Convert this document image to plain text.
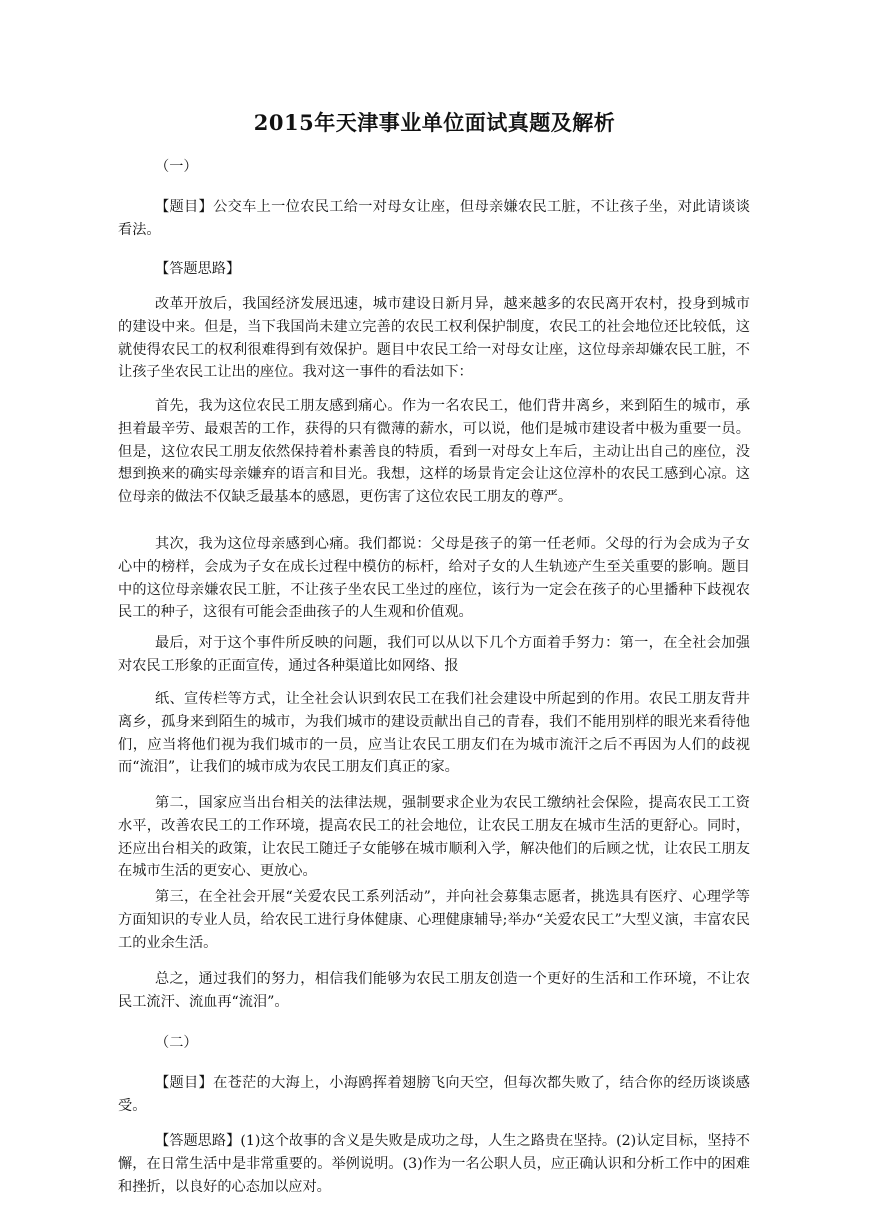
2015年天津事业单位面试真题及解析

（一）

【题目】公交车上一位农民工给一对母女让座，但母亲嫌农民工脏，不让孩子坐，对此请谈谈看法。

【答题思路】

改革开放后，我国经济发展迅速，城市建设日新月异，越来越多的农民离开农村，投身到城市的建设中来。但是，当下我国尚未建立完善的农民工权利保护制度，农民工的社会地位还比较低，这就使得农民工的权利很难得到有效保护。题目中农民工给一对母女让座，这位母亲却嫌农民工脏，不让孩子坐农民工让出的座位。我对这一事件的看法如下：

首先，我为这位农民工朋友感到痛心。作为一名农民工，他们背井离乡，来到陌生的城市，承担着最辛劳、最艰苦的工作，获得的只有微薄的薪水，可以说，他们是城市建设者中极为重要一员。但是，这位农民工朋友依然保持着朴素善良的特质，看到一对母女上车后，主动让出自己的座位，没想到换来的确实母亲嫌弃的语言和目光。我想，这样的场景肯定会让这位淳朴的农民工感到心凉。这位母亲的做法不仅缺乏最基本的感恩，更伤害了这位农民工朋友的尊严。

其次，我为这位母亲感到心痛。我们都说：父母是孩子的第一任老师。父母的行为会成为子女心中的榜样，会成为子女在成长过程中模仿的标杆，给对子女的人生轨迹产生至关重要的影响。题目中的这位母亲嫌农民工脏，不让孩子坐农民工坐过的座位，该行为一定会在孩子的心里播种下歧视农民工的种子，这很有可能会歪曲孩子的人生观和价值观。

最后，对于这个事件所反映的问题，我们可以从以下几个方面着手努力：第一，在全社会加强对农民工形象的正面宣传，通过各种渠道比如网络、报

纸、宣传栏等方式，让全社会认识到农民工在我们社会建设中所起到的作用。农民工朋友背井离乡，孤身来到陌生的城市，为我们城市的建设贡献出自己的青春，我们不能用别样的眼光来看待他们，应当将他们视为我们城市的一员，应当让农民工朋友们在为城市流汗之后不再因为人们的歧视而“流泪”，让我们的城市成为农民工朋友们真正的家。

第二，国家应当出台相关的法律法规，强制要求企业为农民工缴纳社会保险，提高农民工工资水平，改善农民工的工作环境，提高农民工的社会地位，让农民工朋友在城市生活的更舒心。同时，还应出台相关的政策，让农民工随迁子女能够在城市顺利入学，解决他们的后顾之忧，让农民工朋友在城市生活的更安心、更放心。

第三，在全社会开展“关爱农民工系列活动”，并向社会募集志愿者，挑选具有医疗、心理学等方面知识的专业人员，给农民工进行身体健康、心理健康辅导;举办“关爱农民工”大型义演，丰富农民工的业余生活。

总之，通过我们的努力，相信我们能够为农民工朋友创造一个更好的生活和工作环境，不让农民工流汗、流血再“流泪”。

（二）

【题目】在苍茫的大海上，小海鸥挥着翅膀飞向天空，但每次都失败了，结合你的经历谈谈感受。

【答题思路】(1)这个故事的含义是失败是成功之母，人生之路贵在坚持。(2)认定目标，坚持不懈，在日常生活中是非常重要的。举例说明。(3)作为一名公职人员，应正确认识和分析工作中的困难和挫折，以良好的心态加以应对。
